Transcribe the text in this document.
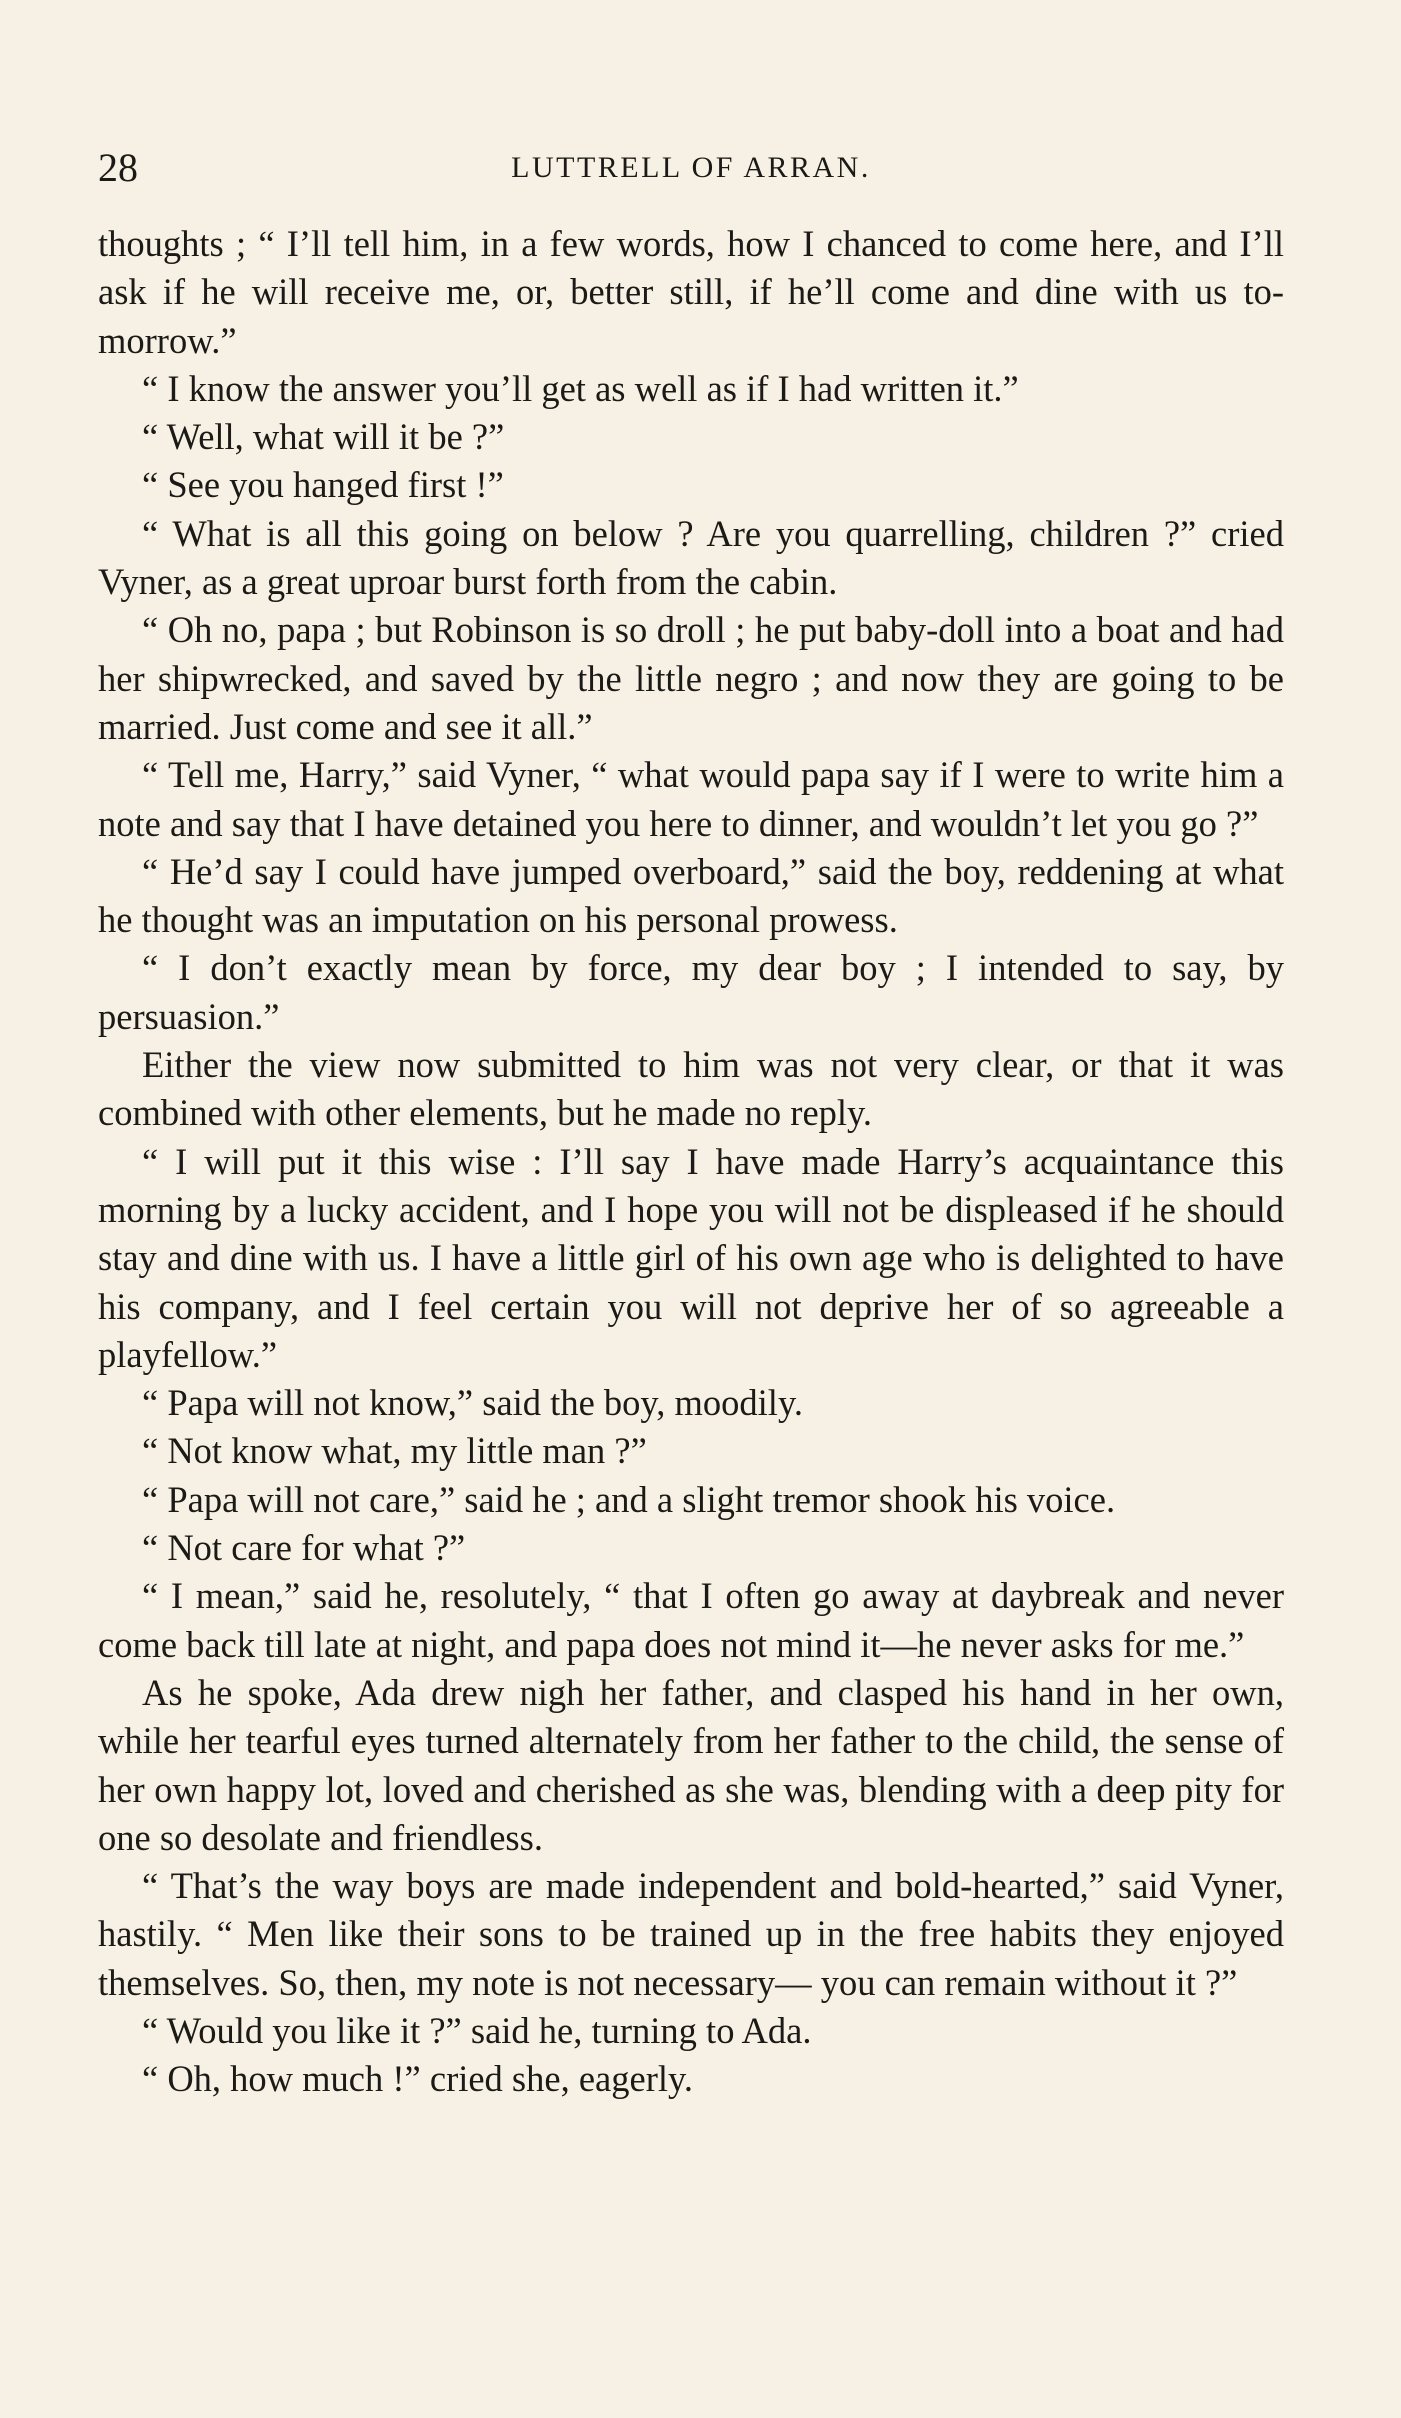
28	LUTTRELL OF ARRAN.

thoughts ; “ I’ll tell him, in a few words, how I chanced to come here, and I’ll ask if he will receive me, or, better still, if he’ll come and dine with us to-morrow.”

“ I know the answer you’ll get as well as if I had written it.”

“ Well, what will it be ?”

“ See you hanged first !”

“ What is all this going on below ? Are you quarrelling, children ?” cried Vyner, as a great uproar burst forth from the cabin.

“ Oh no, papa ; but Robinson is so droll ; he put baby-doll into a boat and had her shipwrecked, and saved by the little negro ; and now they are going to be married. Just come and see it all.”

“ Tell me, Harry,” said Vyner, “ what would papa say if I were to write him a note and say that I have detained you here to dinner, and wouldn’t let you go ?”

“ He’d say I could have jumped overboard,” said the boy, reddening at what he thought was an imputation on his personal prowess.

“ I don’t exactly mean by force, my dear boy ; I intended to say, by persuasion.”

Either the view now submitted to him was not very clear, or that it was combined with other elements, but he made no reply.

“ I will put it this wise : I’ll say I have made Harry’s acquaintance this morning by a lucky accident, and I hope you will not be displeased if he should stay and dine with us. I have a little girl of his own age who is delighted to have his company, and I feel certain you will not deprive her of so agreeable a playfellow.”

“ Papa will not know,” said the boy, moodily.

“ Not know what, my little man ?”

“ Papa will not care,” said he ; and a slight tremor shook his voice.

“ Not care for what ?”

“ I mean,” said he, resolutely, “ that I often go away at daybreak and never come back till late at night, and papa does not mind it—he never asks for me.”

As he spoke, Ada drew nigh her father, and clasped his hand in her own, while her tearful eyes turned alternately from her father to the child, the sense of her own happy lot, loved and cherished as she was, blending with a deep pity for one so desolate and friendless.

“ That’s the way boys are made independent and bold-hearted,” said Vyner, hastily. “ Men like their sons to be trained up in the free habits they enjoyed themselves. So, then, my note is not necessary— you can remain without it ?”

“ Would you like it ?” said he, turning to Ada.

“ Oh, how much !” cried she, eagerly.
